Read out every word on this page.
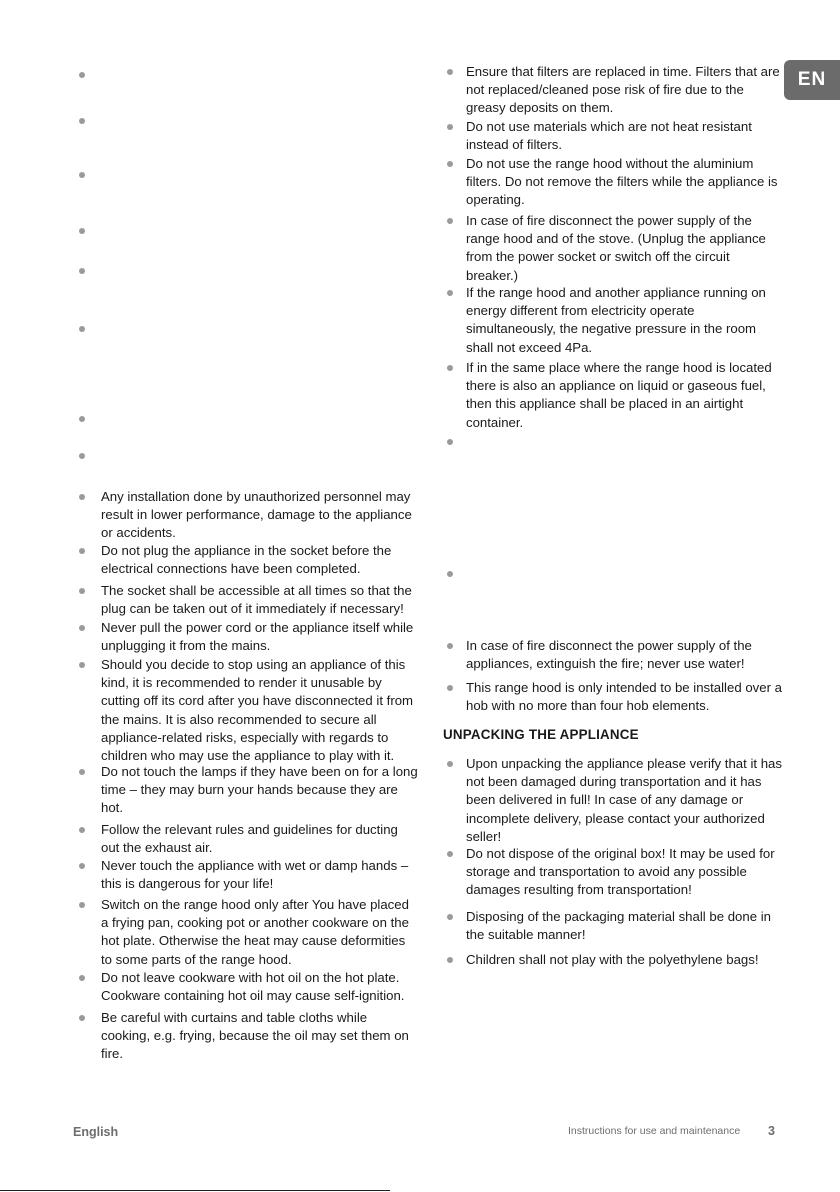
EN
Any installation done by unauthorized personnel may result in lower performance, damage to the appliance or accidents.
Do not plug the appliance in the socket before the electrical connections have been completed.
The socket shall be accessible at all times so that the plug can be taken out of it immediately if necessary!
Never pull the power cord or the appliance itself while unplugging it from the mains.
Should you decide to stop using an appliance of this kind, it is recommended to render it unusable by cutting off its cord after you have disconnected it from the mains. It is also recommended to secure all appliance-related risks, especially with regards to children who may use the appliance to play with it.
Do not touch the lamps if they have been on for a long time – they may burn your hands because they are hot.
Follow the relevant rules and guidelines for ducting out the exhaust air.
Never touch the appliance with wet or damp hands – this is dangerous for your life!
Switch on the range hood only after You have placed a frying pan, cooking pot or another cookware on the hot plate. Otherwise the heat may cause deformities to some parts of the range hood.
Do not leave cookware with hot oil on the hot plate. Cookware containing hot oil may cause self-ignition.
Be careful with curtains and table cloths while cooking, e.g. frying, because the oil may set them on fire.
Ensure that filters are replaced in time. Filters that are not replaced/cleaned pose risk of fire due to the greasy deposits on them.
Do not use materials which are not heat resistant instead of filters.
Do not use the range hood without the aluminium filters. Do not remove the filters while the appliance is operating.
In case of fire disconnect the power supply of the range hood and of the stove. (Unplug the appliance from the power socket or switch off the circuit breaker.)
If the range hood and another appliance running on energy different from electricity operate simultaneously, the negative pressure in the room shall not exceed 4Pa.
If in the same place where the range hood is located there is also an appliance on liquid or gaseous fuel, then this appliance shall be placed in an airtight container.
In case of fire disconnect the power supply of the appliances, extinguish the fire; never use water!
This range hood is only intended to be installed over a hob with no more than four hob elements.
UNPACKING THE APPLIANCE
Upon unpacking the appliance please verify that it has not been damaged during transportation and it has been delivered in full! In case of any damage or incomplete delivery, please contact your authorized seller!
Do not dispose of the original box! It may be used for storage and transportation to avoid any possible damages resulting from transportation!
Disposing of the packaging material shall be done in the suitable manner!
Children shall not play with the polyethylene bags!
English	Instructions for use and maintenance 3
